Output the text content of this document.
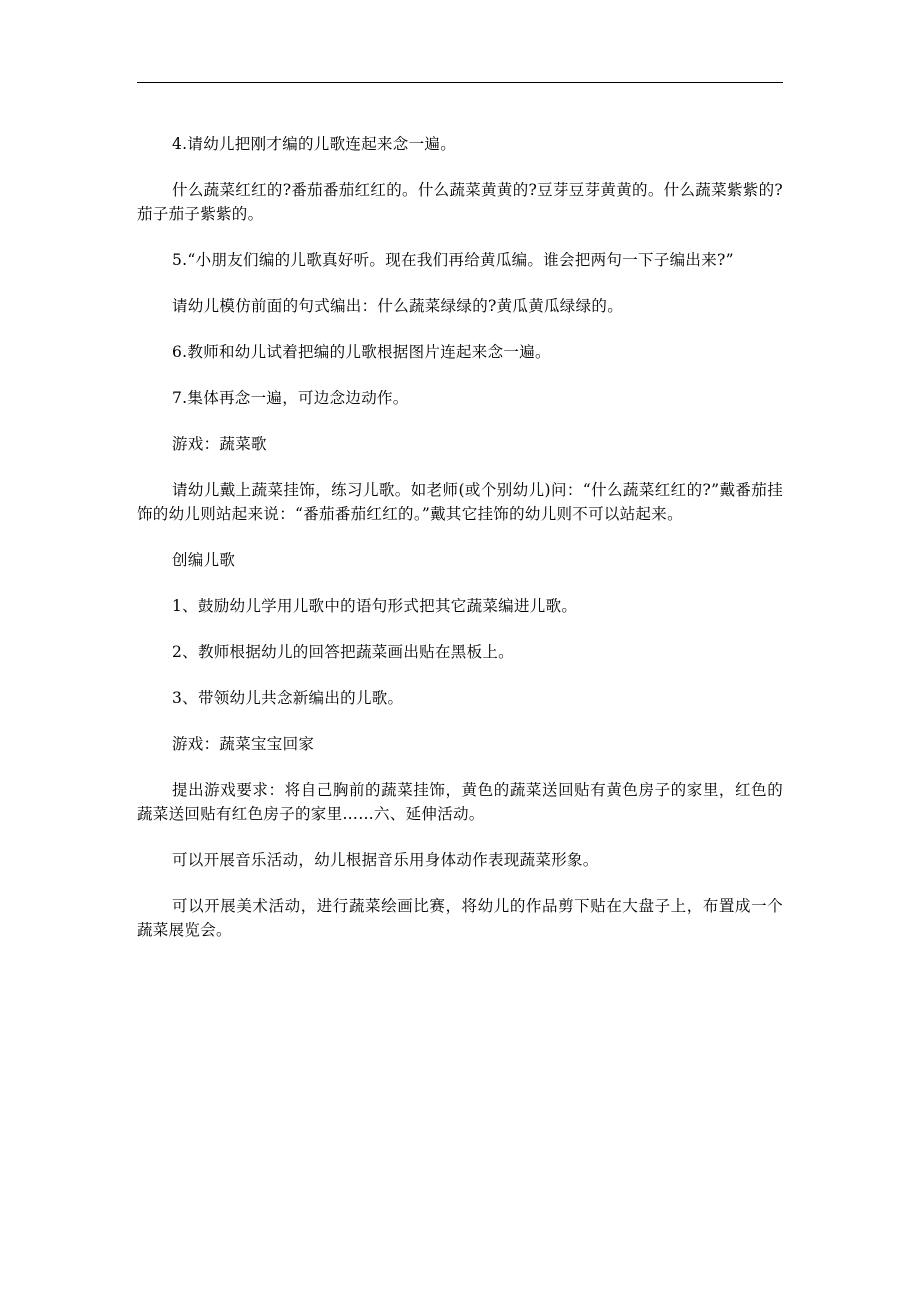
4.请幼儿把刚才编的儿歌连起来念一遍。

什么蔬菜红红的?番茄番茄红红的。什么蔬菜黄黄的?豆芽豆芽黄黄的。什么蔬菜紫紫的?茄子茄子紫紫的。

5.“小朋友们编的儿歌真好听。现在我们再给黄瓜编。谁会把两句一下子编出来?”

请幼儿模仿前面的句式编出：什么蔬菜绿绿的?黄瓜黄瓜绿绿的。

6.教师和幼儿试着把编的儿歌根据图片连起来念一遍。

7.集体再念一遍，可边念边动作。

游戏：蔬菜歌

请幼儿戴上蔬菜挂饰，练习儿歌。如老师(或个别幼儿)问：“什么蔬菜红红的?”戴番茄挂饰的幼儿则站起来说：“番茄番茄红红的。”戴其它挂饰的幼儿则不可以站起来。

创编儿歌

1、鼓励幼儿学用儿歌中的语句形式把其它蔬菜编进儿歌。

2、教师根据幼儿的回答把蔬菜画出贴在黑板上。

3、带领幼儿共念新编出的儿歌。

游戏：蔬菜宝宝回家

提出游戏要求：将自己胸前的蔬菜挂饰，黄色的蔬菜送回贴有黄色房子的家里，红色的蔬菜送回贴有红色房子的家里……六、延伸活动。

可以开展音乐活动，幼儿根据音乐用身体动作表现蔬菜形象。

可以开展美术活动，进行蔬菜绘画比赛，将幼儿的作品剪下贴在大盘子上，布置成一个蔬菜展览会。
